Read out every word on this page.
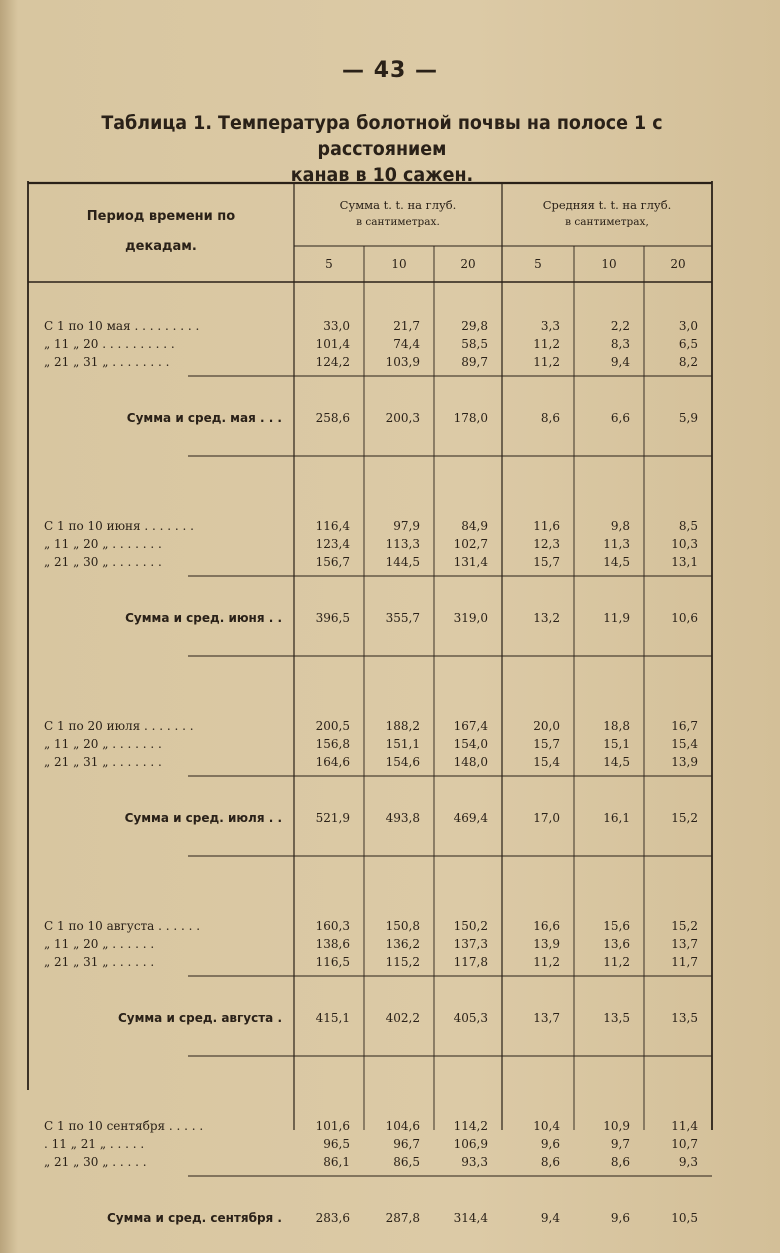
— 43 —
Таблица 1. Температура болотной почвы на полосе 1 с расстоянием
канав в 10 сажен.
Период времени по
декадам.
Сумма t. t. на глуб.
в сантиметрах.
Средняя t. t. на глуб.
в сантиметрах,
5	10	20	5	10	20
С 1 по 10 мая . . . . . . . . .	33,0	21,7	29,8	3,3	2,2	3,0
„ 11 „ 20 . . . . . . . . . .	101,4	74,4	58,5	11,2	8,3	6,5
„ 21 „ 31 „ . . . . . . . .	124,2	103,9	89,7	11,2	9,4	8,2
Сумма и сред. мая . . .	258,6	200,3	178,0	8,6	6,6	5,9
С 1 по 10 июня . . . . . . .	116,4	97,9	84,9	11,6	9,8	8,5
„ 11 „ 20 „ . . . . . . .	123,4	113,3	102,7	12,3	11,3	10,3
„ 21 „ 30 „ . . . . . . .	156,7	144,5	131,4	15,7	14,5	13,1
Сумма и сред. июня . .	396,5	355,7	319,0	13,2	11,9	10,6
С 1 по 20 июля . . . . . . .	200,5	188,2	167,4	20,0	18,8	16,7
„ 11 „ 20 „ . . . . . . .	156,8	151,1	154,0	15,7	15,1	15,4
„ 21 „ 31 „ . . . . . . .	164,6	154,6	148,0	15,4	14,5	13,9
Сумма и сред. июля . .	521,9	493,8	469,4	17,0	16,1	15,2
С 1 по 10 августа . . . . . .	160,3	150,8	150,2	16,6	15,6	15,2
„ 11 „ 20 „ . . . . . .	138,6	136,2	137,3	13,9	13,6	13,7
„ 21 „ 31 „ . . . . . .	116,5	115,2	117,8	11,2	11,2	11,7
Сумма и сред. августа .	415,1	402,2	405,3	13,7	13,5	13,5
С 1 по 10 сентября . . . . .	101,6	104,6	114,2	10,4	10,9	11,4
. 11 „ 21 „ . . . . .	96,5	96,7	106,9	9,6	9,7	10,7
„ 21 „ 30 „ . . . . .	86,1	86,5	93,3	8,6	8,6	9,3
Сумма и сред. сентября .	283,6	287,8	314,4	9,4	9,6	10,5
